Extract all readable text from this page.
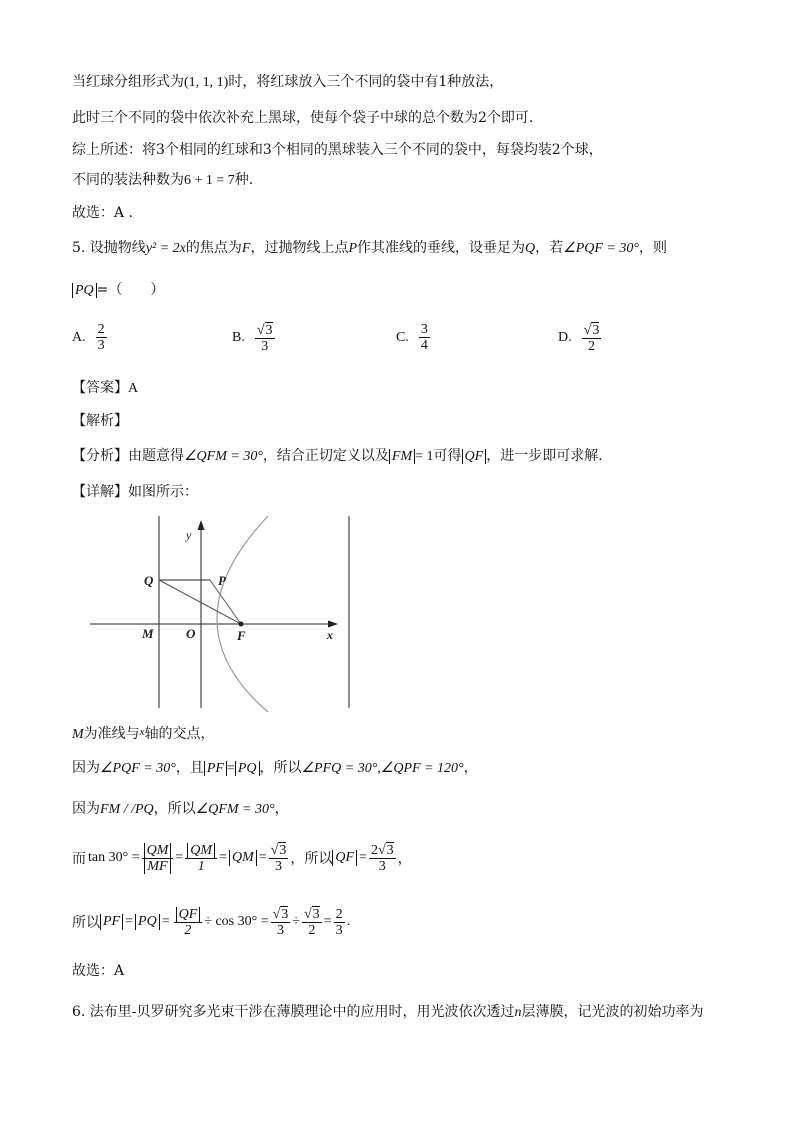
当红球分组形式为(1, 1, 1)时，将红球放入三个不同的袋中有1种放法，
此时三个不同的袋中依次补充上黑球，使每个袋子中球的总个数为2个即可.
综上所述：将3个相同的红球和3个相同的黑球装入三个不同的袋中，每袋均装2个球，
不同的装法种数为6 + 1 = 7种.
故选：A .
5. 设抛物线y² = 2x的焦点为F，过抛物线上点P作其准线的垂线，设垂足为Q，若∠PQF = 30°，则
PQ =（　　）
A. $\frac{2}{3}$	B. $\frac{√3}{3}$	C. $\frac{3}{4}$	D. $\frac{√3}{2}$
【答案】A
【解析】
【分析】由题意得∠QFM = 30°，结合正切定义以及 FM = 1可得 QF ，进一步即可求解.
【详解】如图所示：
y
x
Q	P
M O	F
M为准线与$^x$轴的交点，
因为∠PQF = 30°，且 PF = PQ ，所以∠PFQ = 30°,∠QPF = 120°，
因为FM / /PQ，所以∠QFM = 30°，
而 $\tan 30^\circ = \frac{QM}{MF} = \frac{QM}{1}$ = QM = $\frac{√3}{3}$ ，所以 QF = $\frac{2√3}{3}$ ，
所以 PF = PQ = $\frac{QF}{2} \div \cos 30^\circ = \frac{√3}{3} \div \frac{√3}{2} = \frac{2}{3}$ .
故选：A
6. 法布里-贝罗研究多光束干涉在薄膜理论中的应用时，用光波依次透过n层薄膜，记光波的初始功率为
